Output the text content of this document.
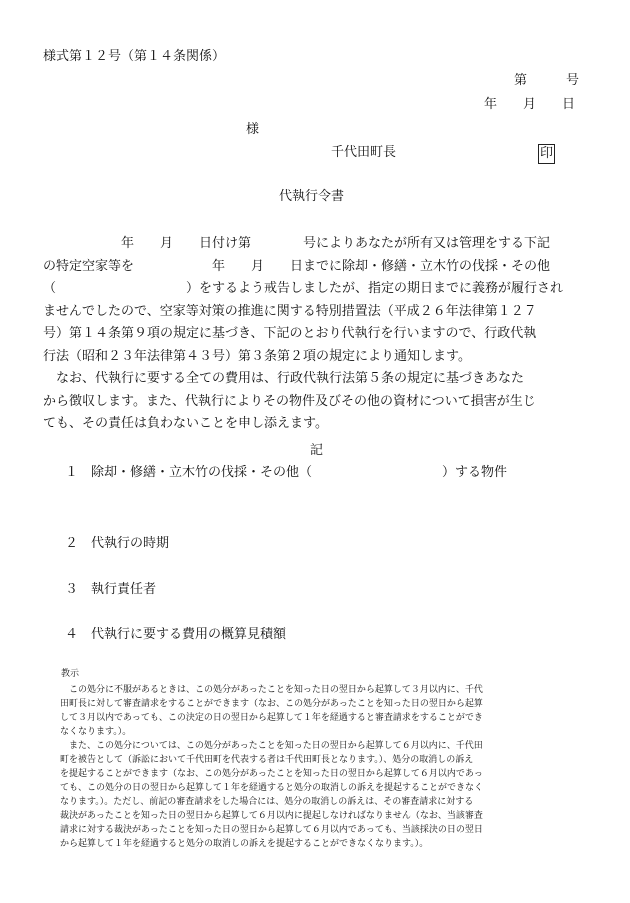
様式第１２号（第１４条関係）
第　　　号
年　　月　　日
様
千代田町長	印
代執行令書

　　　　　　年　　月　　日付け第　　　　号によりあなたが所有又は管理をする下記

の特定空家等を　　　　　　年　　月　　日までに除却・修繕・立木竹の伐採・その他

（　　　　　　　　　　）をするよう戒告しましたが、指定の期日までに義務が履行され

ませんでしたので、空家等対策の推進に関する特別措置法（平成２６年法律第１２７

号）第１４条第９項の規定に基づき、下記のとおり代執行を行いますので、行政代執

行法（昭和２３年法律第４３号）第３条第２項の規定により通知します。

　なお、代執行に要する全ての費用は、行政代執行法第５条の規定に基づきあなた

から徴収します。また、代執行によりその物件及びその他の資材について損害が生じ

ても、その責任は負わないことを申し添えます。

記
１　除却・修繕・立木竹の伐採・その他（　　　　　　　　　　）する物件
２　代執行の時期
３　執行責任者
４　代執行に要する費用の概算見積額
教示

　この処分に不服があるときは、この処分があったことを知った日の翌日から起算して３月以内に、千代

田町長に対して審査請求をすることができます（なお、この処分があったことを知った日の翌日から起算

して３月以内であっても、この決定の日の翌日から起算して１年を経過すると審査請求をすることができ

なくなります。）。

　また、この処分については、この処分があったことを知った日の翌日から起算して６月以内に、千代田

町を被告として（訴訟において千代田町を代表する者は千代田町長となります。）、処分の取消しの訴え

を提起することができます（なお、この処分があったことを知った日の翌日から起算して６月以内であっ

ても、この処分の日の翌日から起算して１年を経過すると処分の取消しの訴えを提起することができなく

なります。）。ただし、前記の審査請求をした場合には、処分の取消しの訴えは、その審査請求に対する

裁決があったことを知った日の翌日から起算して６月以内に提起しなければなりません（なお、当該審査

請求に対する裁決があったことを知った日の翌日から起算して６月以内であっても、当該採決の日の翌日

から起算して１年を経過すると処分の取消しの訴えを提起することができなくなります。）。
